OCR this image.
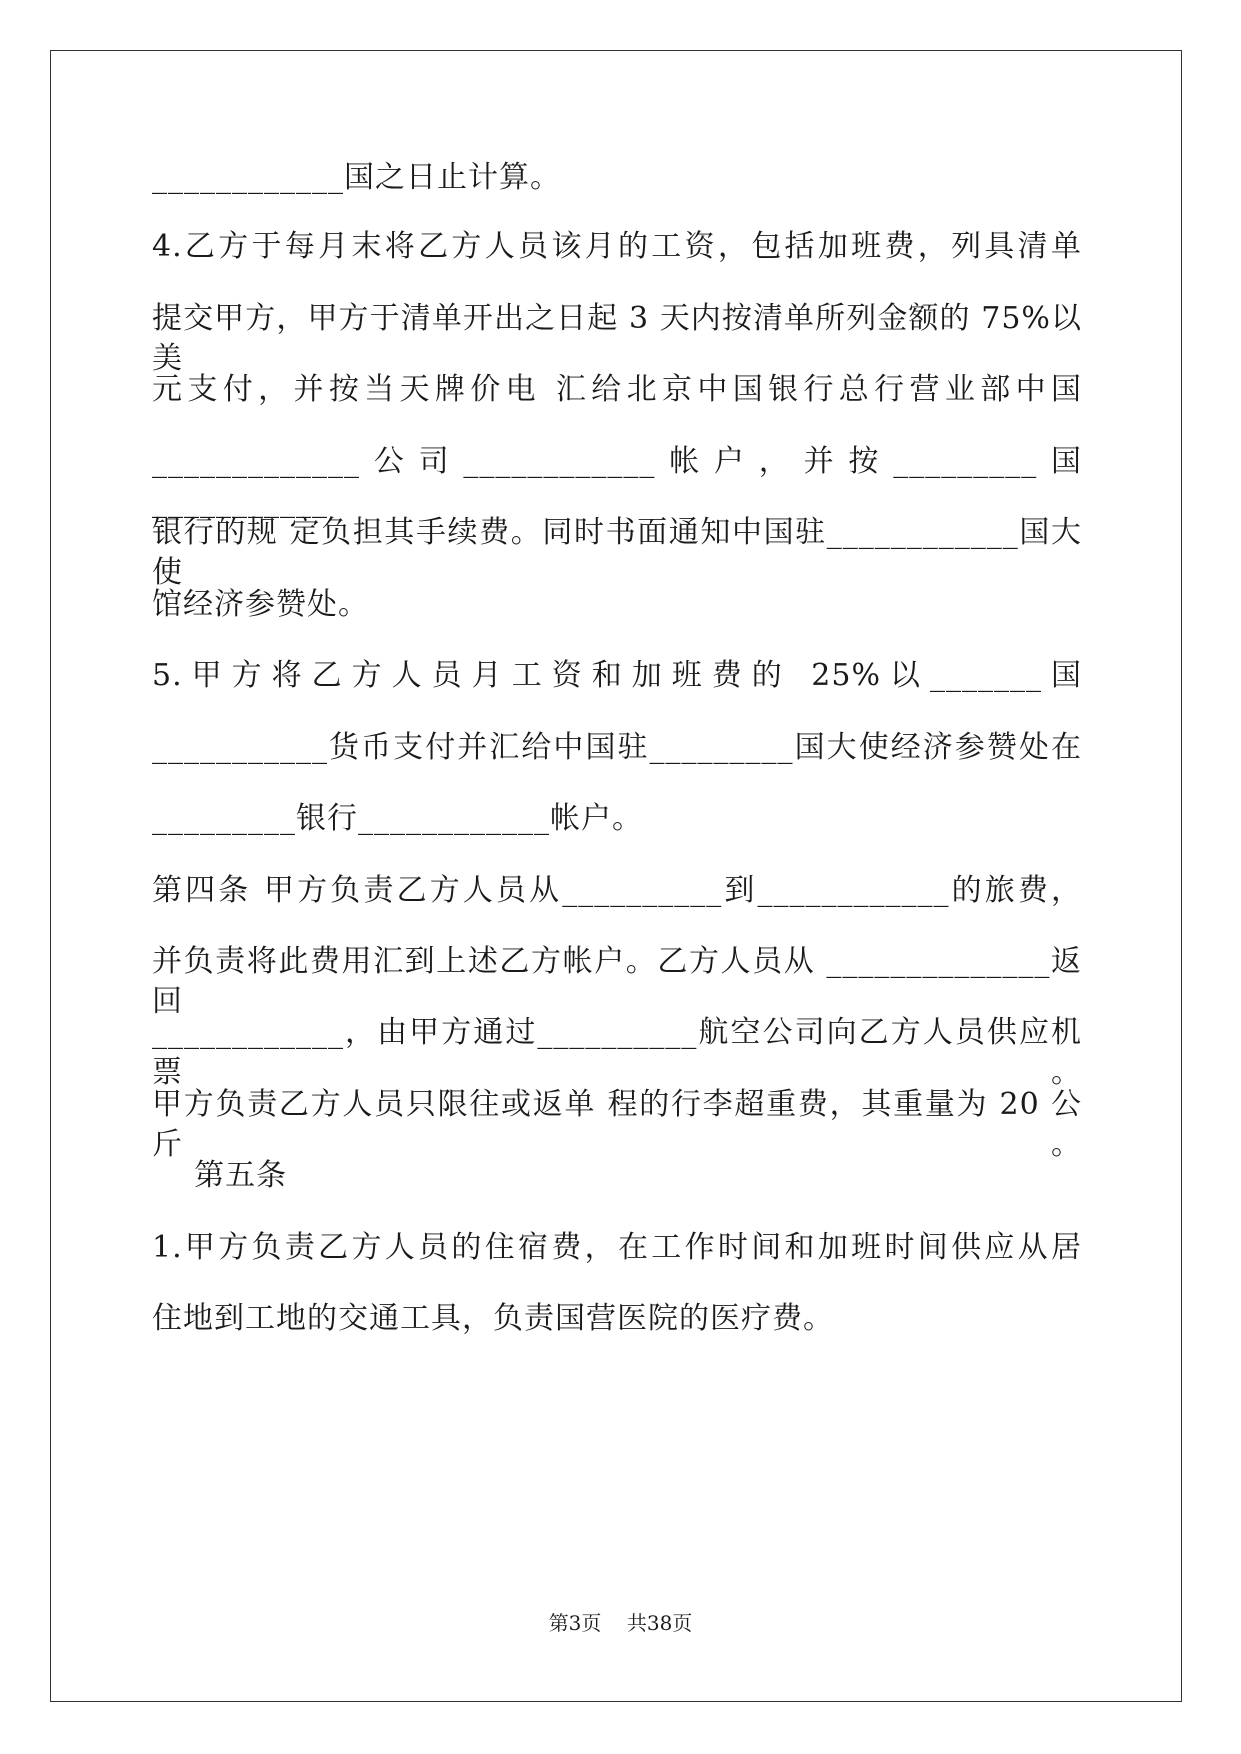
____________国之日止计算。
4.乙方于每月末将乙方人员该月的工资，包括加班费，列具清单
提交甲方，甲方于清单开出之日起 3 天内按清单所列金额的 75%以美
元支付，并按当天牌价电 汇给北京中国银行总行营业部中国
_____________公司____________帐户，并按_________国___________
银行的规 定负担其手续费。同时书面通知中国驻____________国大使
馆经济参赞处。
5.甲方将乙方人员月工资和加班费的 25%以_______国
___________货币支付并汇给中国驻_________国大使经济参赞处在
_________银行____________帐户。
第四条 甲方负责乙方人员从__________到____________的旅费，
并负责将此费用汇到上述乙方帐户。乙方人员从 ______________返回
____________，由甲方通过__________航空公司向乙方人员供应机票。
甲方负责乙方人员只限往或返单 程的行李超重费，其重量为 20 公斤。
第五条
1.甲方负责乙方人员的住宿费，在工作时间和加班时间供应从居
住地到工地的交通工具，负责国营医院的医疗费。
第3页    共38页
